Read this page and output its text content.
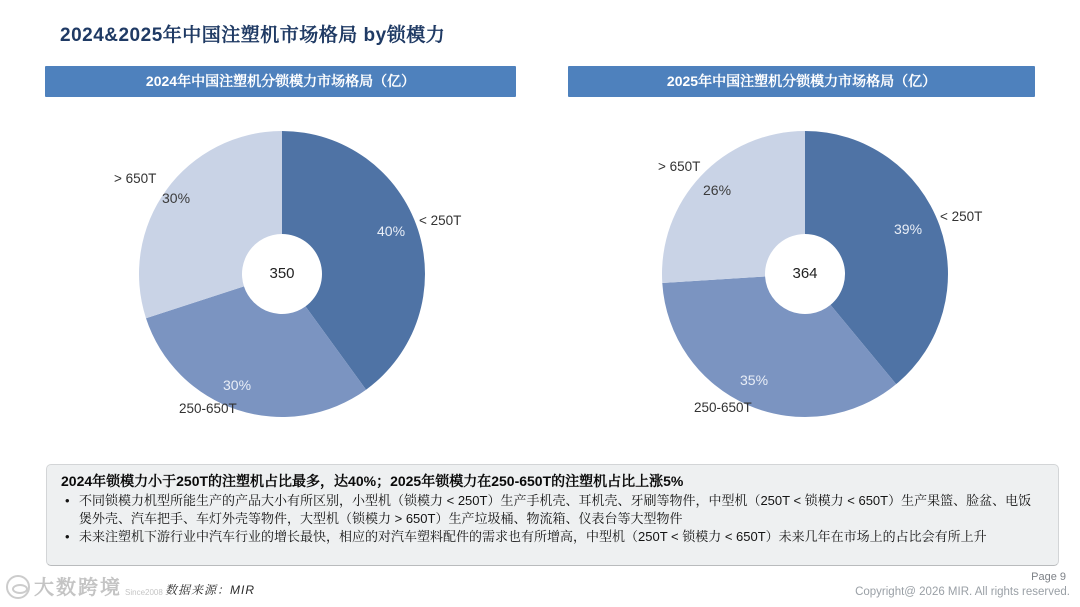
2024&2025年中国注塑机市场格局 by锁模力
2024年中国注塑机分锁模力市场格局（亿）	2025年中国注塑机分锁模力市场格局（亿）
> 650T
30%
< 250T
40%
250-650T
30%
350
> 650T
26%
< 250T
39%
250-650T
35%
364
2024年锁模力小于250T的注塑机占比最多，达40%；2025年锁模力在250-650T的注塑机占比上涨5%
• 不同锁模力机型所能生产的产品大小有所区别，小型机（锁模力 < 250T）生产手机壳、耳机壳、牙刷等物件，中型机（250T < 锁模力 < 650T）生产果篮、脸盆、电饭煲外壳、汽车把手、车灯外壳等物件，大型机（锁模力 > 650T）生产垃圾桶、物流箱、仪表台等大型物件
• 未来注塑机下游行业中汽车行业的增长最快，相应的对汽车塑料配件的需求也有所增高，中型机（250T < 锁模力 < 650T）未来几年在市场上的占比会有所上升
大数跨境 Since2008 数据来源：MIR
Page 9
Copyright@ 2026 MIR. All rights reserved.
